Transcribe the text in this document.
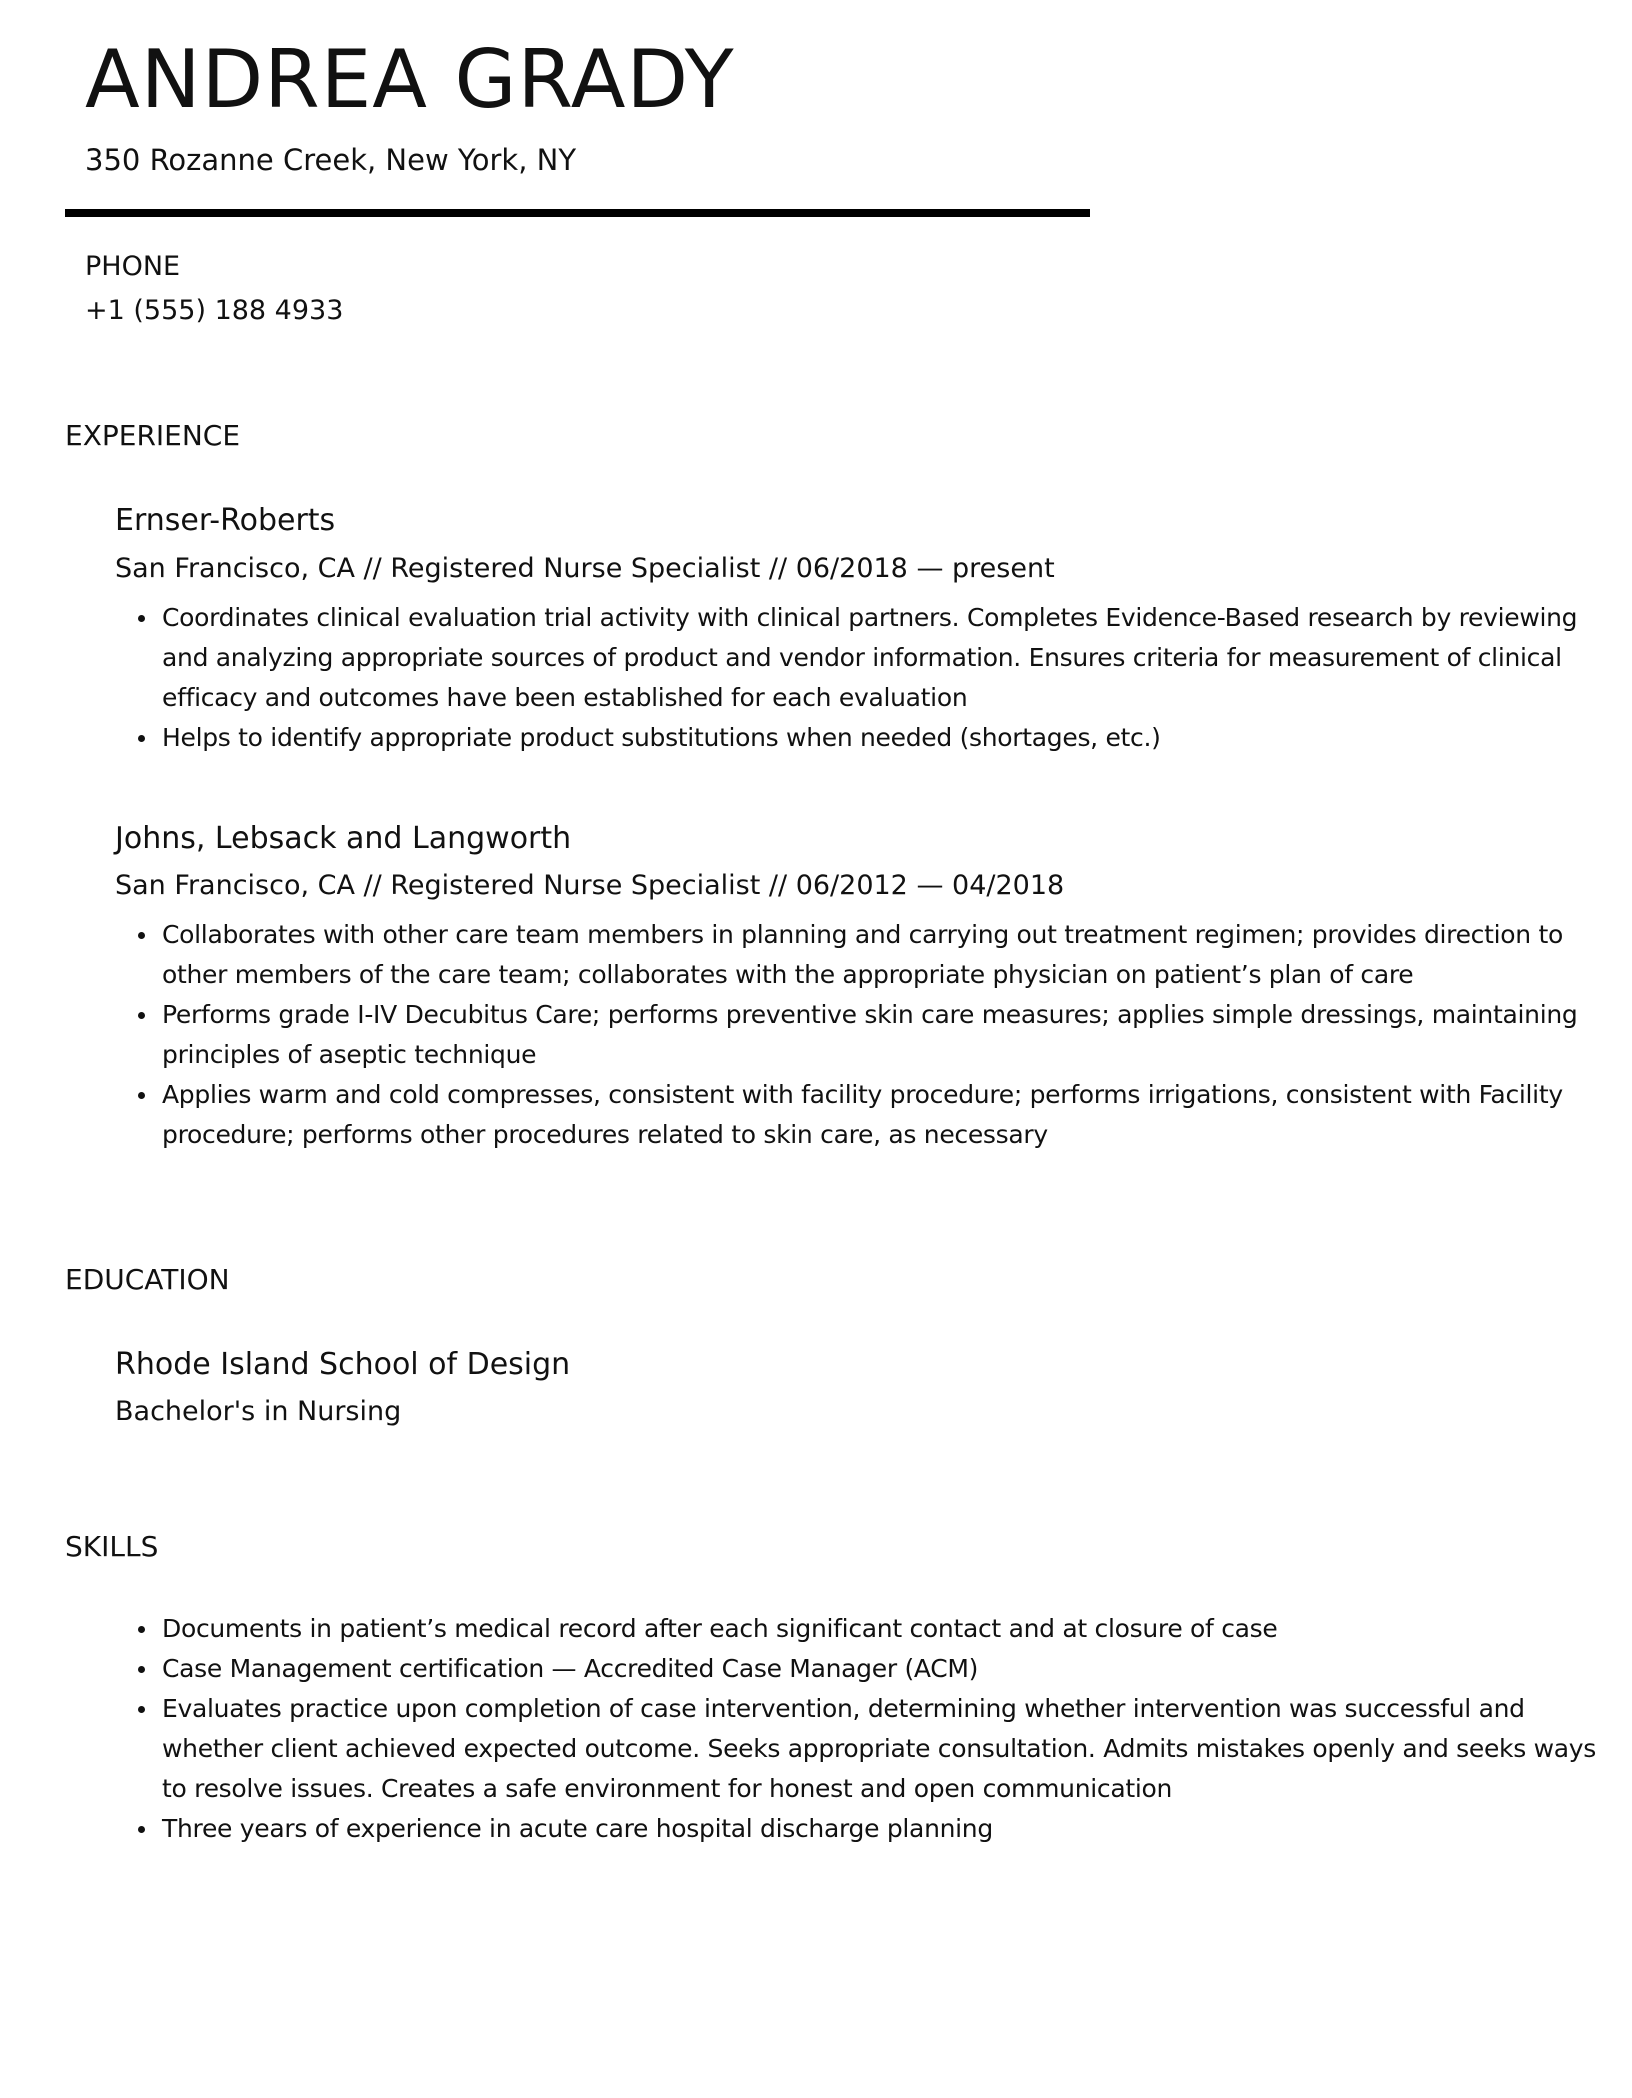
ANDREA GRADY
350 Rozanne Creek, New York, NY
PHONE
+1 (555) 188 4933
EXPERIENCE
Ernser-Roberts
San Francisco, CA // Registered Nurse Specialist // 06/2018 — present
Coordinates clinical evaluation trial activity with clinical partners. Completes Evidence-Based research by reviewing and analyzing appropriate sources of product and vendor information. Ensures criteria for measurement of clinical efficacy and outcomes have been established for each evaluation
Helps to identify appropriate product substitutions when needed (shortages, etc.)
Johns, Lebsack and Langworth
San Francisco, CA // Registered Nurse Specialist // 06/2012 — 04/2018
Collaborates with other care team members in planning and carrying out treatment regimen; provides direction to other members of the care team; collaborates with the appropriate physician on patient’s plan of care
Performs grade I-IV Decubitus Care; performs preventive skin care measures; applies simple dressings, maintaining principles of aseptic technique
Applies warm and cold compresses, consistent with facility procedure; performs irrigations, consistent with Facility procedure; performs other procedures related to skin care, as necessary
EDUCATION
Rhode Island School of Design
Bachelor's in Nursing
SKILLS
Documents in patient’s medical record after each significant contact and at closure of case
Case Management certification — Accredited Case Manager (ACM)
Evaluates practice upon completion of case intervention, determining whether intervention was successful and whether client achieved expected outcome. Seeks appropriate consultation. Admits mistakes openly and seeks ways to resolve issues. Creates a safe environment for honest and open communication
Three years of experience in acute care hospital discharge planning
